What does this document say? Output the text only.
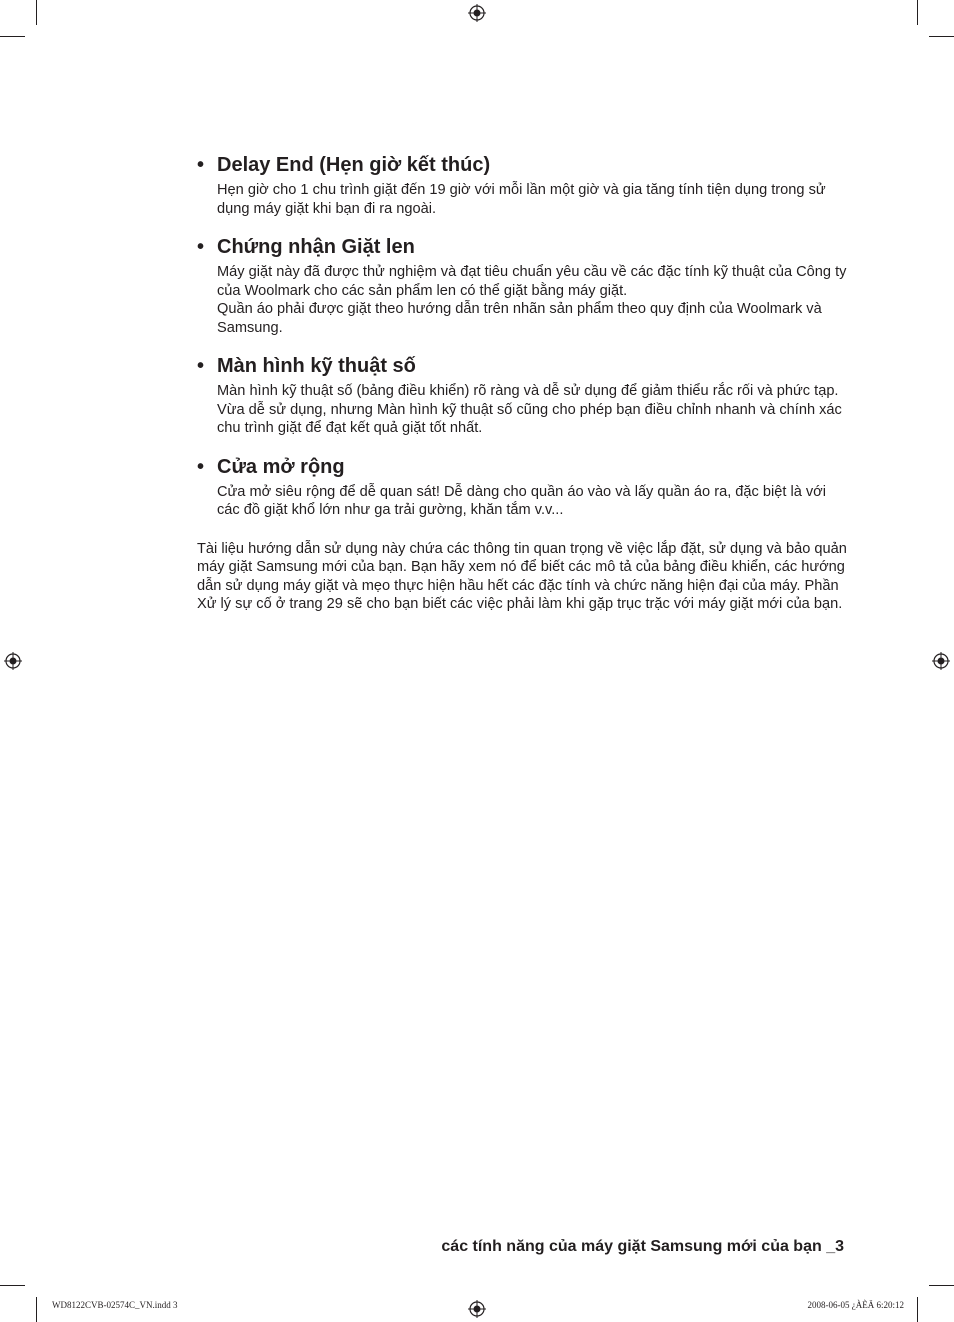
• Delay End (Hẹn giờ kết thúc)

Hẹn giờ cho 1 chu trình giặt đến 19 giờ với mỗi lần một giờ và gia tăng tính tiện dụng trong sử dụng máy giặt khi bạn đi ra ngoài.

• Chứng nhận Giặt len

Máy giặt này đã được thử nghiệm và đạt tiêu chuẩn yêu cầu về các đặc tính kỹ thuật của Công ty của Woolmark cho các sản phẩm len có thể giặt bằng máy giặt.

Quần áo phải được giặt theo hướng dẫn trên nhãn sản phẩm theo quy định của Woolmark và Samsung.

• Màn hình kỹ thuật số

Màn hình kỹ thuật số (bảng điều khiển) rõ ràng và dễ sử dụng để giảm thiểu rắc rối và phức tạp. Vừa dễ sử dụng, nhưng Màn hình kỹ thuật số cũng cho phép bạn điều chỉnh nhanh và chính xác chu trình giặt để đạt kết quả giặt tốt nhất.

• Cửa mở rộng

Cửa mở siêu rộng để dễ quan sát! Dễ dàng cho quần áo vào và lấy quần áo ra, đặc biệt là với các đồ giặt khổ lớn như ga trải gường, khăn tắm v.v...

Tài liệu hướng dẫn sử dụng này chứa các thông tin quan trọng về việc lắp đặt, sử dụng và bảo quản máy giặt Samsung mới của bạn. Bạn hãy xem nó để biết các mô tả của bảng điều khiển, các hướng dẫn sử dụng máy giặt và mẹo thực hiện hầu hết các đặc tính và chức năng hiện đại của máy. Phần Xử lý sự cố ở trang 29 sẽ cho bạn biết các việc phải làm khi gặp trục trặc với máy giặt mới của bạn.

các tính năng của máy giặt Samsung mới của bạn _3
WD8122CVB-02574C_VN.indd 3	2008-06-05 ¿ÀÈÄ 6:20:12
